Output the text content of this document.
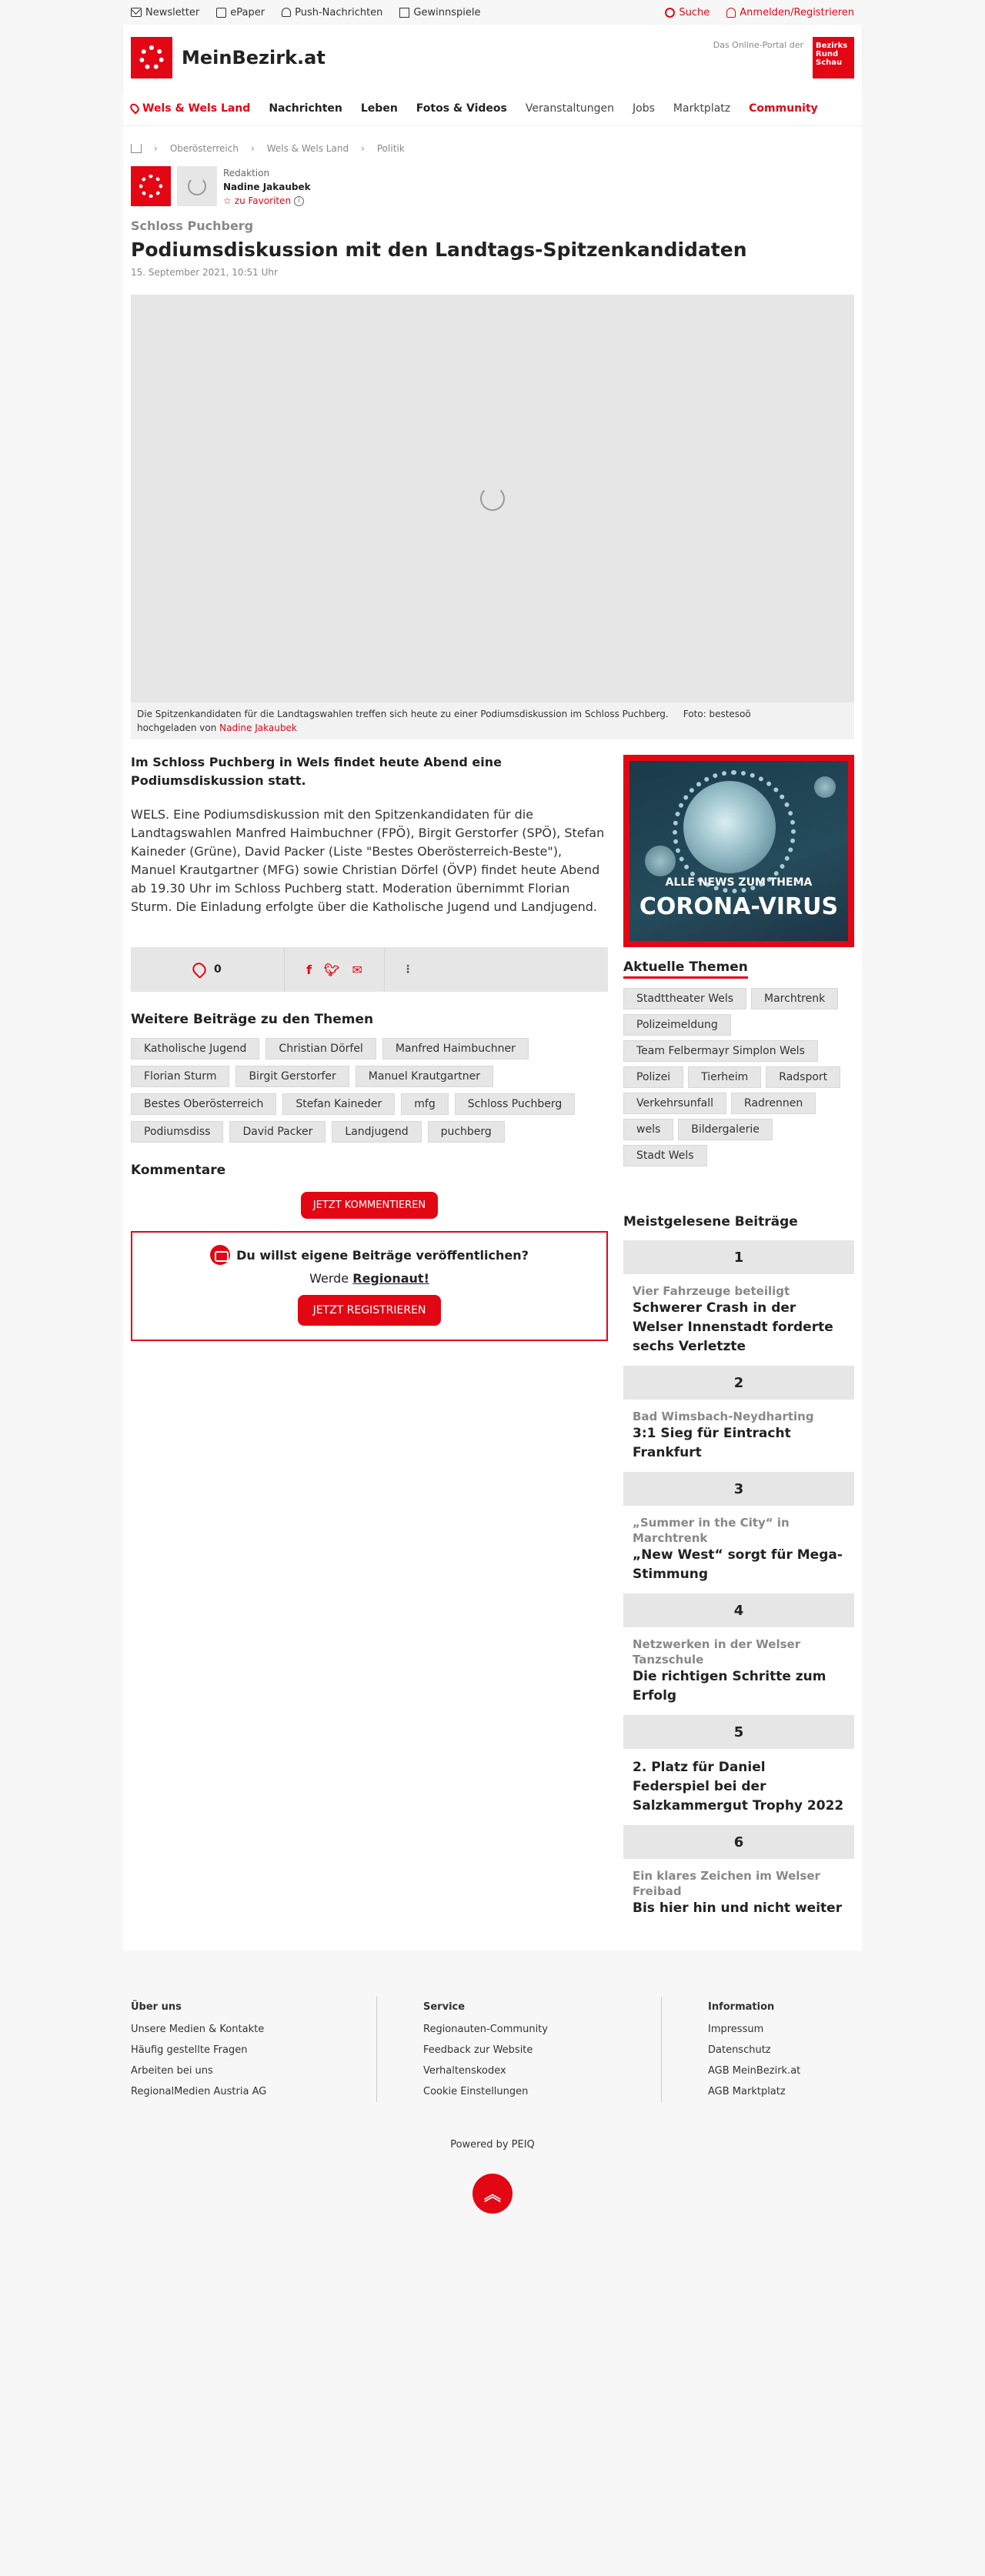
Newsletter	ePaper	Push-Nachrichten	Gewinnspiele	Suche	Anmelden/Registrieren
MeinBezirk.at
Das Online-Portal der	Bezirks Rund Schau
Wels & Wels Land Nachrichten Leben Fotos & Videos Veranstaltungen Jobs Marktplatz Community
› Oberösterreich › Wels & Wels Land › Politik
Redaktion
Nadine Jakaubek
☆ zu Favoriten	i
Schloss Puchberg
Podiumsdiskussion mit den Landtags-Spitzenkandidaten
15. September 2021, 10:51 Uhr
Die Spitzenkandidaten für die Landtagswahlen treffen sich heute zu einer Podiumsdiskussion im Schloss Puchberg. Foto: bestesoö
hochgeladen von Nadine Jakaubek

Im Schloss Puchberg in Wels findet heute Abend eine Podiumsdiskussion statt.

WELS. Eine Podiumsdiskussion mit den Spitzenkandidaten für die Landtagswahlen Manfred Haimbuchner (FPÖ), Birgit Gerstorfer (SPÖ), Stefan Kaineder (Grüne), David Packer (Liste "Bestes Oberösterreich-Beste"), Manuel Krautgartner (MFG) sowie Christian Dörfel (ÖVP) findet heute Abend ab 19.30 Uhr im Schloss Puchberg statt. Moderation übernimmt Florian Sturm. Die Einladung erfolgte über die Katholische Jugend und Landjugend.

0	f 🐦︎ ✉	⋮
Weitere Beiträge zu den Themen
Katholische Jugend	Christian Dörfel	Manfred Haimbuchner
Florian Sturm	Birgit Gerstorfer	Manuel Krautgartner
Bestes Oberösterreich	Stefan Kaineder	mfg	Schloss Puchberg
Podiumsdiss	David Packer	Landjugend	puchberg
Kommentare
JETZT KOMMENTIEREN
Du willst eigene Beiträge veröffentlichen?
Werde Regionaut!
JETZT REGISTRIEREN
ALLE NEWS ZUM THEMA
CORONA-VIRUS
Aktuelle Themen
Stadttheater Wels	Marchtrenk
Polizeimeldung
Team Felbermayr Simplon Wels
Polizei	Tierheim	Radsport
Verkehrsunfall	Radrennen
wels	Bildergalerie
Stadt Wels
Meistgelesene Beiträge
1
Vier Fahrzeuge beteiligt
Schwerer Crash in der Welser Innenstadt forderte sechs Verletzte
2
Bad Wimsbach-Neydharting
3:1 Sieg für Eintracht Frankfurt
3
„Summer in the City“ in Marchtrenk
„New West“ sorgt für Mega-Stimmung
4
Netzwerken in der Welser Tanzschule
Die richtigen Schritte zum Erfolg
5
2. Platz für Daniel Federspiel bei der Salzkammergut Trophy 2022
6
Ein klares Zeichen im Welser Freibad
Bis hier hin und nicht weiter
Über uns
Unsere Medien & Kontakte
Häufig gestellte Fragen
Arbeiten bei uns
RegionalMedien Austria AG
Service
Regionauten-Community
Feedback zur Website
Verhaltenskodex
Cookie Einstellungen
Information
Impressum
Datenschutz
AGB MeinBezirk.at
AGB Marktplatz
Powered by PEIQ
︽
